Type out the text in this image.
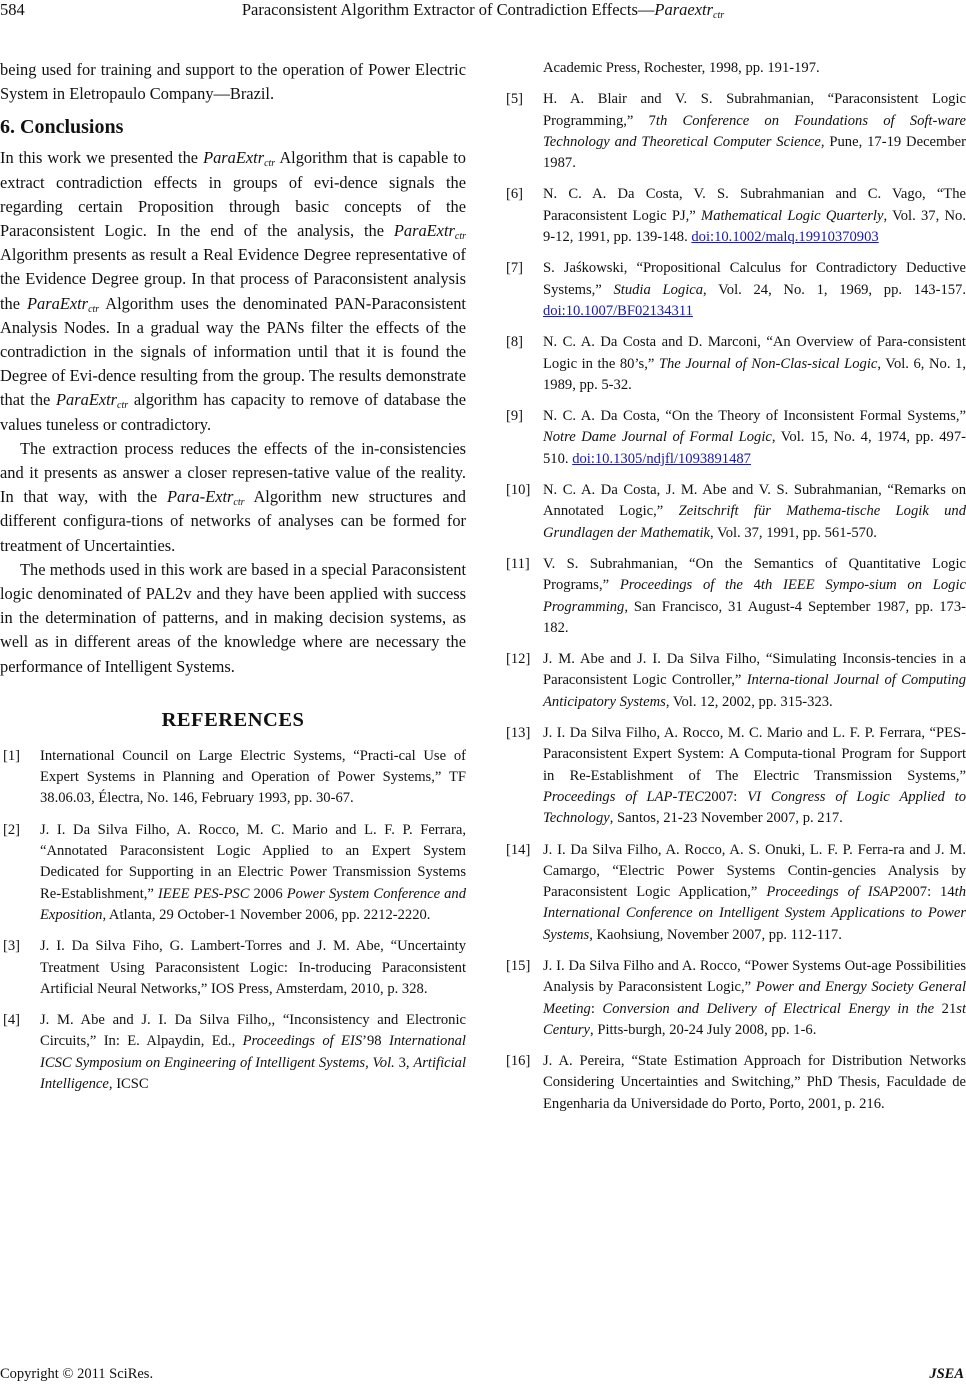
584	Paraconsistent Algorithm Extractor of Contradiction Effects—Paraextr$_{ctr}$

being used for training and support to the operation of Power Electric System in Eletropaulo Company―Brazil.

6. Conclusions

In this work we presented the ParaExtr$_{ctr}$ Algorithm that is capable to extract contradiction effects in groups of evi-dence signals the regarding certain Proposition through basic concepts of the Paraconsistent Logic. In the end of the analysis, the ParaExtr$_{ctr}$ Algorithm presents as result a Real Evidence Degree representative of the Evidence Degree group. In that process of Paraconsistent analysis the ParaExtr$_{ctr}$ Algorithm uses the denominated PAN-Paraconsistent Analysis Nodes. In a gradual way the PANs filter the effects of the contradiction in the signals of information until that it is found the Degree of Evi-dence resulting from the group. The results demonstrate that the ParaExtr$_{ctr}$ algorithm has capacity to remove of database the values tuneless or contradictory.

The extraction process reduces the effects of the in-consistencies and it presents as answer a closer represen-tative value of the reality. In that way, with the Para-Extr$_{ctr}$ Algorithm new structures and different configura-tions of networks of analyses can be formed for treatment of Uncertainties.

The methods used in this work are based in a special Paraconsistent logic denominated of PAL2v and they have been applied with success in the determination of patterns, and in making decision systems, as well as in different areas of the knowledge where are necessary the performance of Intelligent Systems.

REFERENCES
[1] International Council on Large Electric Systems, “Practi-cal Use of Expert Systems in Planning and Operation of Power Systems,” TF 38.06.03, Électra, No. 146, February 1993, pp. 30-67.
[2] J. I. Da Silva Filho, A. Rocco, M. C. Mario and L. F. P. Ferrara, “Annotated Paraconsistent Logic Applied to an Expert System Dedicated for Supporting in an Electric Power Transmission Systems Re-Establishment,” IEEE PES-PSC 2006 Power System Conference and Exposition, Atlanta, 29 October-1 November 2006, pp. 2212-2220.
[3] J. I. Da Silva Fiho, G. Lambert-Torres and J. M. Abe, “Uncertainty Treatment Using Paraconsistent Logic: In-troducing Paraconsistent Artificial Neural Networks,” IOS Press, Amsterdam, 2010, p. 328.
[4] J. M. Abe and J. I. Da Silva Filho,, “Inconsistency and Electronic Circuits,” In: E. Alpaydin, Ed., Proceedings of EIS’98 International ICSC Symposium on Engineering of Intelligent Systems, Vol. 3, Artificial Intelligence, ICSC
Academic Press, Rochester, 1998, pp. 191-197.
[5] H. A. Blair and V. S. Subrahmanian, “Paraconsistent Logic Programming,” 7th Conference on Foundations of Soft-ware Technology and Theoretical Computer Science, Pune, 17-19 December 1987.
[6] N. C. A. Da Costa, V. S. Subrahmanian and C. Vago, “The Paraconsistent Logic PJ,” Mathematical Logic Quarterly, Vol. 37, No. 9-12, 1991, pp. 139-148. doi:10.1002/malq.19910370903
[7] S. Jaśkowski, “Propositional Calculus for Contradictory Deductive Systems,” Studia Logica, Vol. 24, No. 1, 1969, pp. 143-157. doi:10.1007/BF02134311
[8] N. C. A. Da Costa and D. Marconi, “An Overview of Para-consistent Logic in the 80’s,” The Journal of Non-Clas-sical Logic, Vol. 6, No. 1, 1989, pp. 5-32.
[9] N. C. A. Da Costa, “On the Theory of Inconsistent Formal Systems,” Notre Dame Journal of Formal Logic, Vol. 15, No. 4, 1974, pp. 497-510. doi:10.1305/ndjfl/1093891487
[10] N. C. A. Da Costa, J. M. Abe and V. S. Subrahmanian, “Remarks on Annotated Logic,” Zeitschrift für Mathema-tische Logik und Grundlagen der Mathematik, Vol. 37, 1991, pp. 561-570.
[11] V. S. Subrahmanian, “On the Semantics of Quantitative Logic Programs,” Proceedings of the 4th IEEE Sympo-sium on Logic Programming, San Francisco, 31 August-4 September 1987, pp. 173-182.
[12] J. M. Abe and J. I. Da Silva Filho, “Simulating Inconsis-tencies in a Paraconsistent Logic Controller,” Interna-tional Journal of Computing Anticipatory Systems, Vol. 12, 2002, pp. 315-323.
[13] J. I. Da Silva Filho, A. Rocco, M. C. Mario and L. F. P. Ferrara, “PES-Paraconsistent Expert System: A Computa-tional Program for Support in Re-Establishment of The Electric Transmission Systems,” Proceedings of LAP-TEC2007: VI Congress of Logic Applied to Technology, Santos, 21-23 November 2007, p. 217.
[14] J. I. Da Silva Filho, A. Rocco, A. S. Onuki, L. F. P. Ferra-ra and J. M. Camargo, “Electric Power Systems Contin-gencies Analysis by Paraconsistent Logic Application,” Proceedings of ISAP2007: 14th International Conference on Intelligent System Applications to Power Systems, Kaohsiung, November 2007, pp. 112-117.
[15] J. I. Da Silva Filho and A. Rocco, “Power Systems Out-age Possibilities Analysis by Paraconsistent Logic,” Power and Energy Society General Meeting: Conversion and Delivery of Electrical Energy in the 21st Century, Pitts-burgh, 20-24 July 2008, pp. 1-6.
[16] J. A. Pereira, “State Estimation Approach for Distribution Networks Considering Uncertainties and Switching,” PhD Thesis, Faculdade de Engenharia da Universidade do Porto, Porto, 2001, p. 216.
Copyright © 2011 SciRes.	JSEA
